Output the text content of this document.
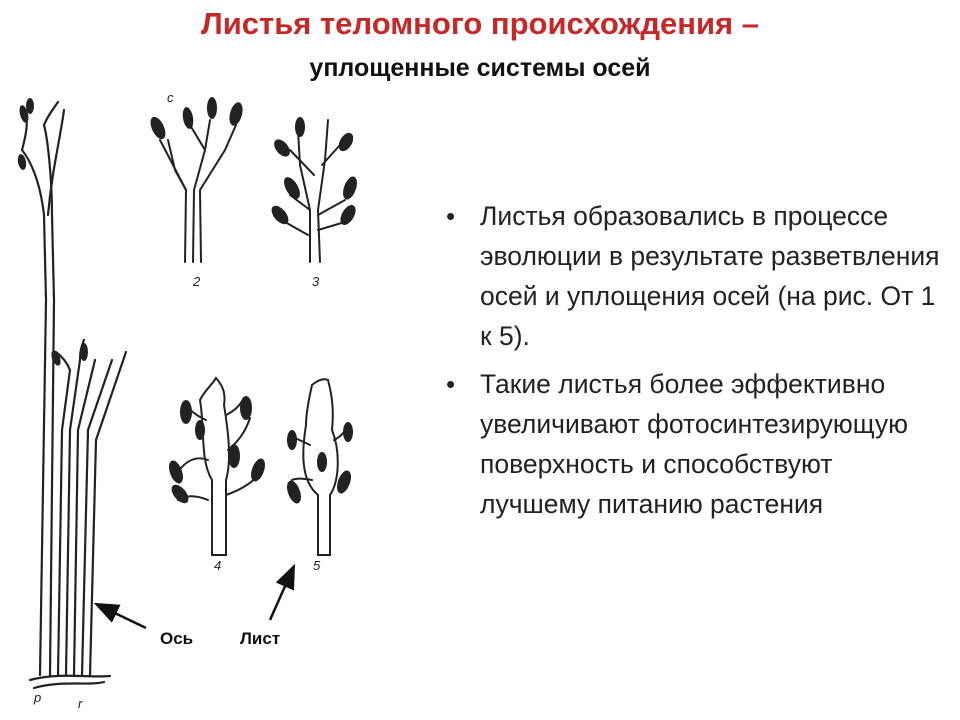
Листья теломного происхождения –
уплощенные системы осей
c
p	r
2	3
4	5
Ось	Лист
• Листья образовались в процессе эволюции в результате разветвления осей и уплощения осей (на рис. От 1 к 5).
• Такие листья более эффективно увеличивают фотосинтезирующую поверхность и способствуют лучшему питанию растения
